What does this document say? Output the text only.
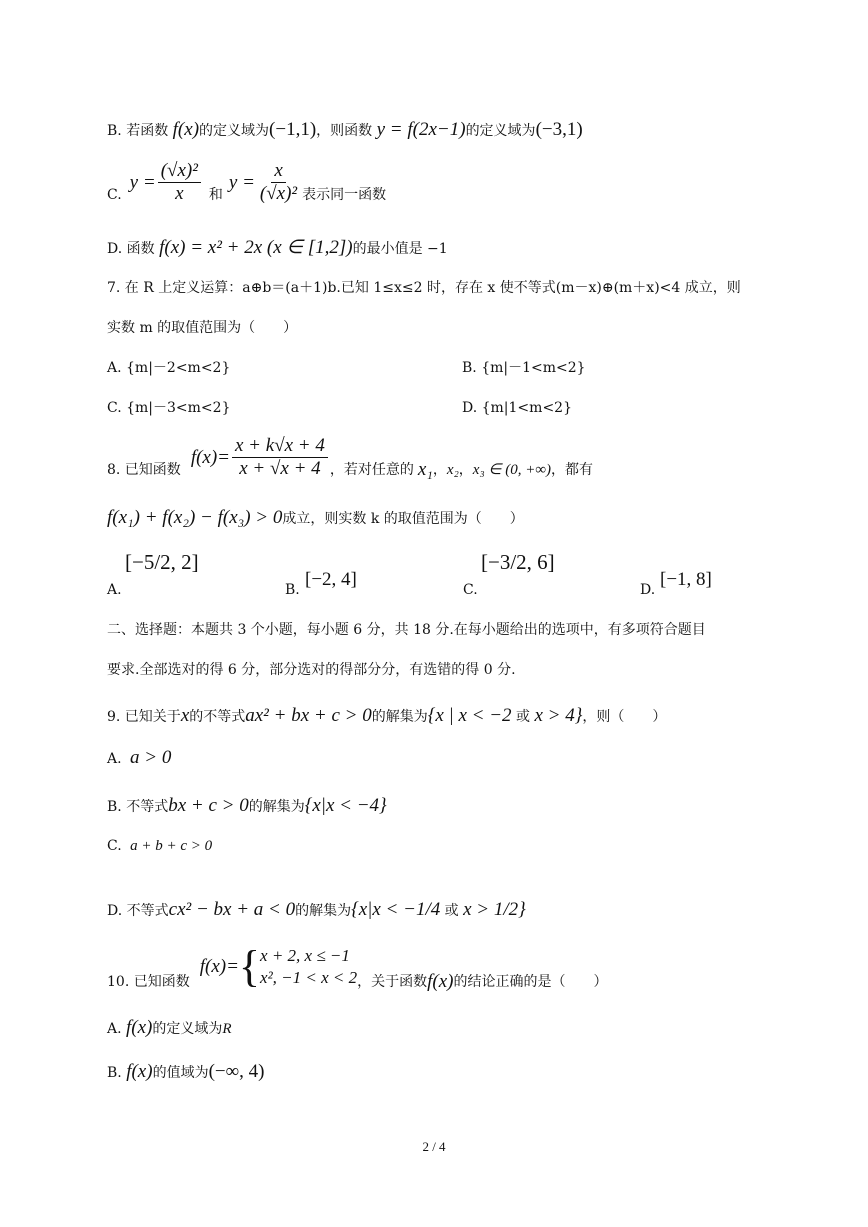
B. 若函数 f(x)的定义域为(−1,1)，则函数 y = f(2x−1)的定义域为(−3,1)
C.
$y = \frac{\text{(√x)²}}{x}$ 和
$y = \frac{x}{\text{(√x)²}}$ 表示同一函数
D. 函数 f(x) = x² + 2x (x ∈ [1,2])的最小值是 −1
7. 在 R 上定义运算：a⊕b＝(a＋1)b.已知 1≤x≤2 时，存在 x 使不等式(m－x)⊕(m＋x)<4 成立，则
实数 m 的取值范围为（　　）
A. {m|－2<m<2}	B. {m|－1<m<2}
C. {m|－3<m<2}	D. {m|1<m<2}
8. 已知函数
$f(x)= \frac{x + k√x + 4}{x + √x + 4}$ ，若对任意的 x₁ ， x₂ ， x₃ ∈ (0, +∞) ，都有
f(x₁) + f(x₂) − f(x₃) > 0成立，则实数 k 的取值范围为（　　）
A.
[−5/2, 2]
B. [−2, 4]	C.
[−3/2, 6]
D. [−1, 8]
二、选择题：本题共 3 个小题，每小题 6 分，共 18 分.在每小题给出的选项中，有多项符合题目
要求.全部选对的得 6 分，部分选对的得部分分，有选错的得 0 分.
9. 已知关于x的不等式ax² + bx + c > 0的解集为{x | x < −2 或 x > 4}，则（　　）
A. a > 0
B. 不等式bx + c > 0的解集为{x|x < −4}
C. a + b + c > 0
D. 不等式cx² − bx + a < 0的解集为{x|x < −1/4 或 x > 1/2}
10. 已知函数
f(x)= { x + 2, x ≤ −1
x², −1 < x < 2 ，关于函数 f(x) 的结论正确的是（　　）
A. f(x)的定义域为R
B. f(x)的值域为(−∞, 4)
2 / 4
